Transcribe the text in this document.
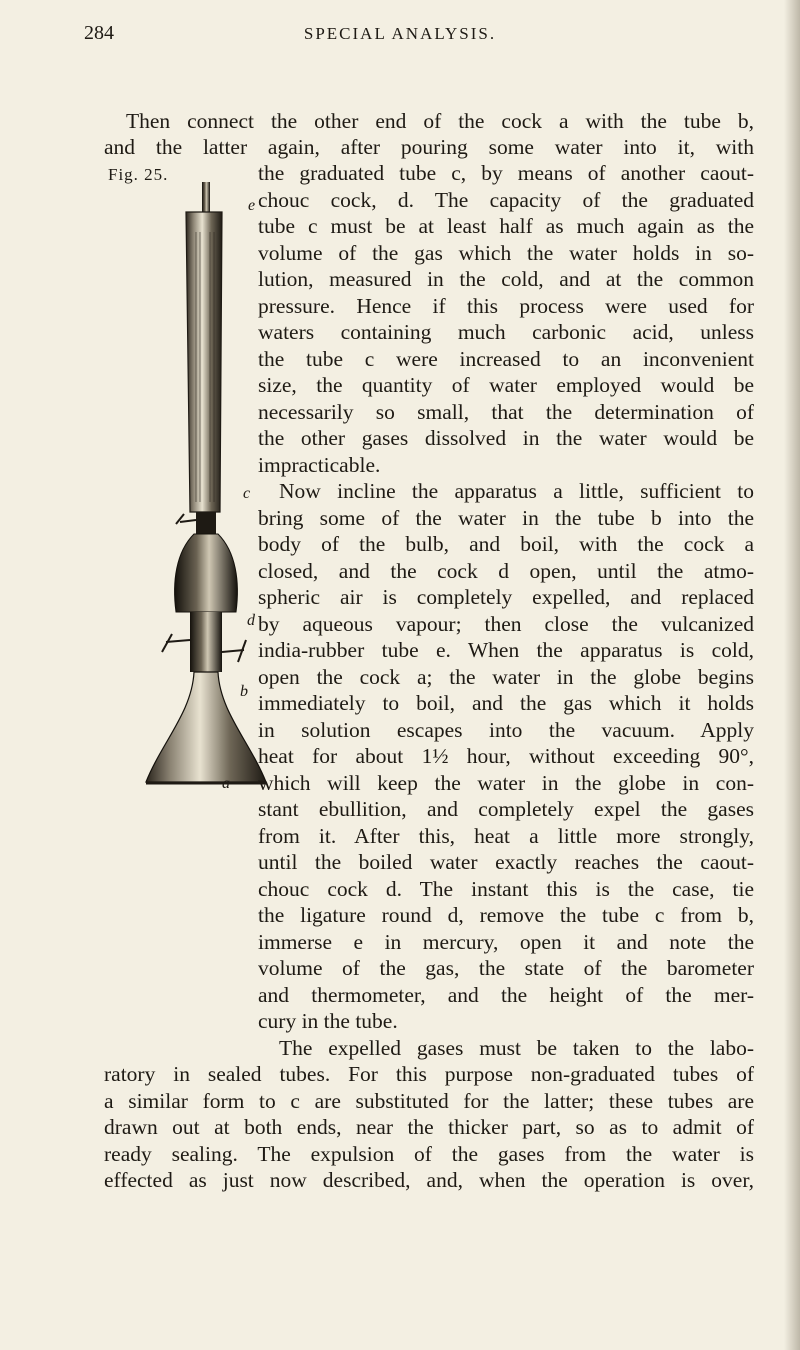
284	SPECIAL ANALYSIS.
Fig. 25.
e
c
d
b
a
Then connect the other end of the cock a with the tube b,
and the latter again, after pouring some water into it, with
the graduated tube c, by means of another caout-
chouc cock, d. The capacity of the graduated
tube c must be at least half as much again as the
volume of the gas which the water holds in so-
lution, measured in the cold, and at the common
pressure. Hence if this process were used for
waters containing much carbonic acid, unless
the tube c were increased to an inconvenient
size, the quantity of water employed would be
necessarily so small, that the determination of
the other gases dissolved in the water would be
impracticable.
Now incline the apparatus a little, sufficient to
bring some of the water in the tube b into the
body of the bulb, and boil, with the cock a
closed, and the cock d open, until the atmo-
spheric air is completely expelled, and replaced
by aqueous vapour; then close the vulcanized
india-rubber tube e. When the apparatus is cold,
open the cock a; the water in the globe begins
immediately to boil, and the gas which it holds
in solution escapes into the vacuum. Apply
heat for about 1½ hour, without exceeding 90°,
which will keep the water in the globe in con-
stant ebullition, and completely expel the gases
from it. After this, heat a little more strongly,
until the boiled water exactly reaches the caout-
chouc cock d. The instant this is the case, tie
the ligature round d, remove the tube c from b,
immerse e in mercury, open it and note the
volume of the gas, the state of the barometer
and thermometer, and the height of the mer-
cury in the tube.
The expelled gases must be taken to the labo-
ratory in sealed tubes. For this purpose non-graduated tubes of
a similar form to c are substituted for the latter; these tubes are
drawn out at both ends, near the thicker part, so as to admit of
ready sealing. The expulsion of the gases from the water is
effected as just now described, and, when the operation is over,
